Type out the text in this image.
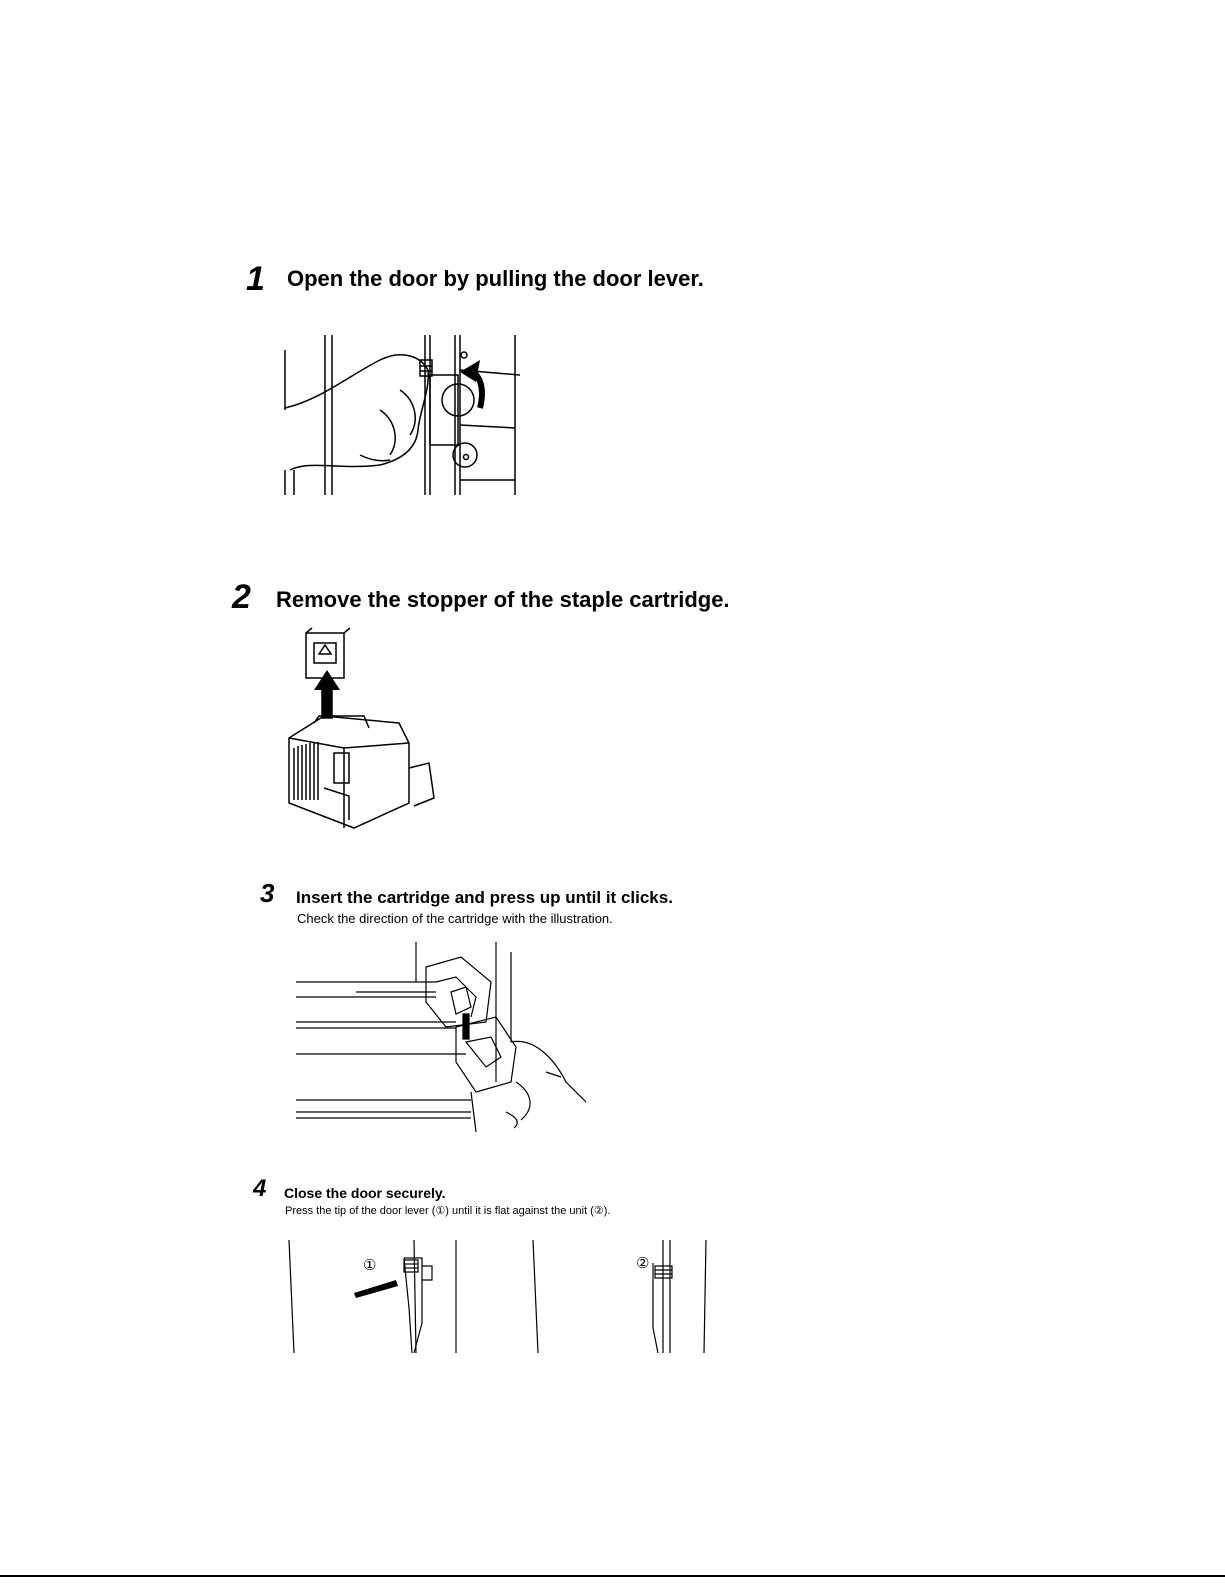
1 Open the door by pulling the door lever.
2 Remove the stopper of the staple cartridge.
3 Insert the cartridge and press up until it clicks.
Check the direction of the cartridge with the illustration.
4 Close the door securely.
Press the tip of the door lever (①) until it is flat against the unit (②).
①	②
